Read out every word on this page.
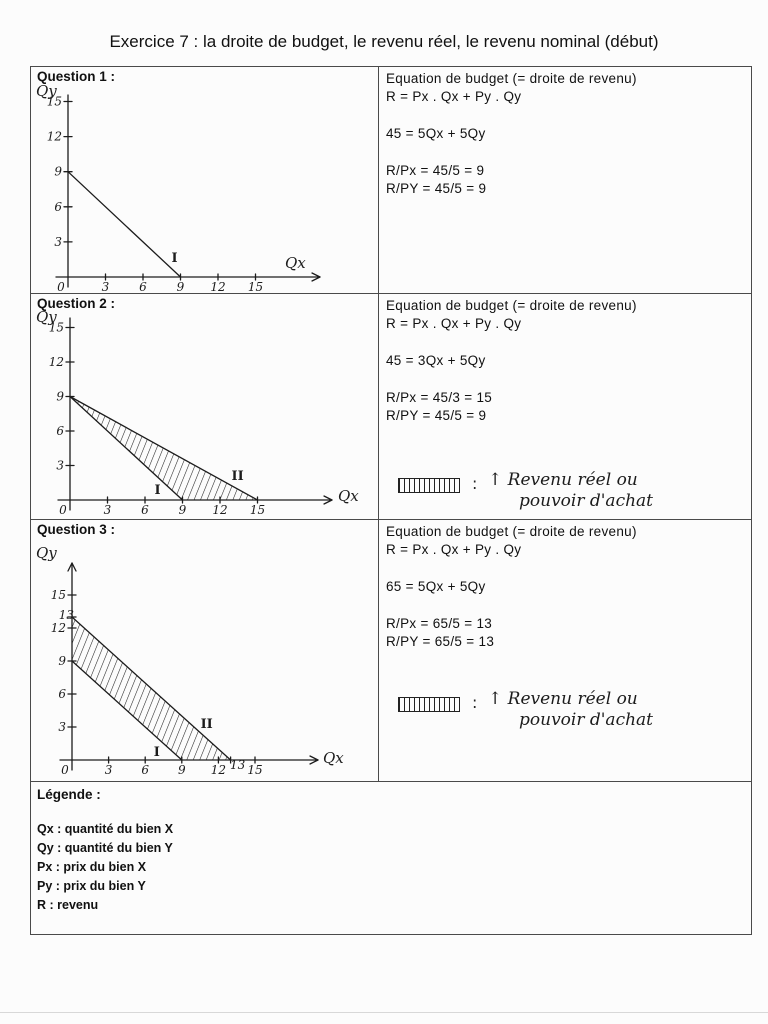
Exercice 7 : la droite de budget, le revenu réel, le revenu nominal (début)
Question 1 :
0	3 6 9 12 15
3
6
9
12
15
I	Qx
Qy
Equation de budget (= droite de revenu)
R = Px . Qx + Py . Qy
45 = 5Qx + 5Qy
R/Px = 45/5 = 9
R/PY = 45/5 = 9
Question 2 :
0	3 6 9 12 15
3
6
9
12
15
I
II
Qx
Qy
Equation de budget (= droite de revenu)
R = Px . Qx + Py . Qy
45 = 3Qx + 5Qy
R/Px = 45/3 = 15
R/PY = 45/5 = 9
: ↑ Revenu réel ou
pouvoir d'achat
Question 3 :
0	3 6 9 12 13 15
3
6
9
12
13
15
I
II
Qx
Qy
Equation de budget (= droite de revenu)
R = Px . Qx + Py . Qy
65 = 5Qx + 5Qy
R/Px = 65/5 = 13
R/PY = 65/5 = 13
: ↑ Revenu réel ou
pouvoir d'achat
Légende :
Qx : quantité du bien X
Qy : quantité du bien Y
Px : prix du bien X
Py : prix du bien Y
R : revenu
